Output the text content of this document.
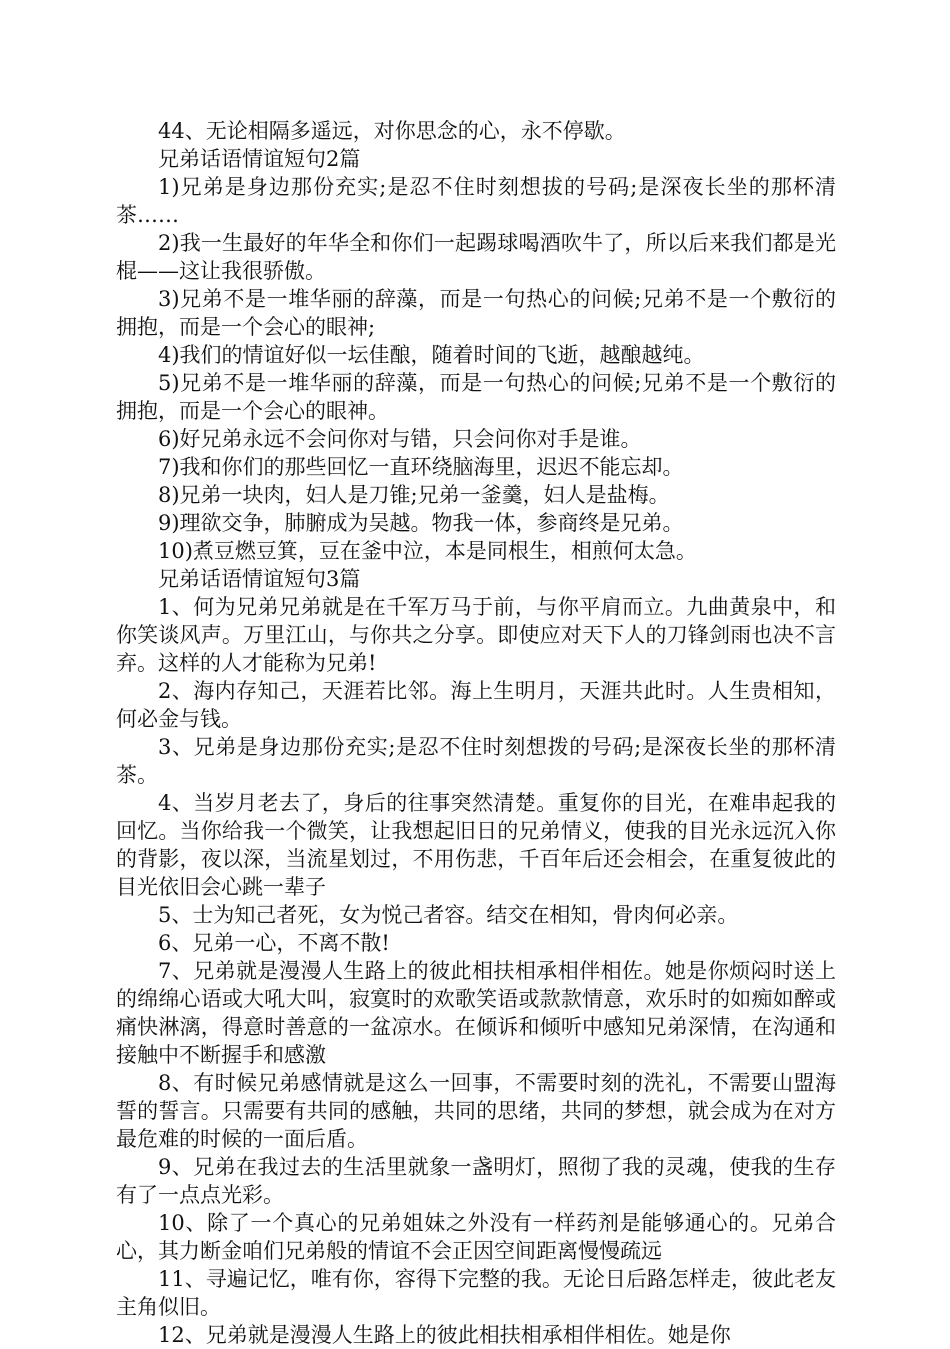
44、无论相隔多遥远，对你思念的心，永不停歇。

兄弟话语情谊短句2篇

1)兄弟是身边那份充实;是忍不住时刻想拔的号码;是深夜长坐的那杯清茶……

2)我一生最好的年华全和你们一起踢球喝酒吹牛了，所以后来我们都是光棍——这让我很骄傲。

3)兄弟不是一堆华丽的辞藻，而是一句热心的问候;兄弟不是一个敷衍的拥抱，而是一个会心的眼神;

4)我们的情谊好似一坛佳酿，随着时间的飞逝，越酿越纯。

5)兄弟不是一堆华丽的辞藻，而是一句热心的问候;兄弟不是一个敷衍的拥抱，而是一个会心的眼神。

6)好兄弟永远不会问你对与错，只会问你对手是谁。

7)我和你们的那些回忆一直环绕脑海里，迟迟不能忘却。

8)兄弟一块肉，妇人是刀锥;兄弟一釜羹，妇人是盐梅。

9)理欲交争，肺腑成为吴越。物我一体，参商终是兄弟。

10)煮豆燃豆箕，豆在釜中泣，本是同根生，相煎何太急。

兄弟话语情谊短句3篇

1、何为兄弟兄弟就是在千军万马于前，与你平肩而立。九曲黄泉中，和你笑谈风声。万里江山，与你共之分享。即使应对天下人的刀锋剑雨也决不言弃。这样的人才能称为兄弟!

2、海内存知己，天涯若比邻。海上生明月，天涯共此时。人生贵相知，何必金与钱。

3、兄弟是身边那份充实;是忍不住时刻想拨的号码;是深夜长坐的那杯清茶。

4、当岁月老去了，身后的往事突然清楚。重复你的目光，在难串起我的回忆。当你给我一个微笑，让我想起旧日的兄弟情义，使我的目光永远沉入你的背影，夜以深，当流星划过，不用伤悲，千百年后还会相会，在重复彼此的目光依旧会心跳一辈子

5、士为知己者死，女为悦己者容。结交在相知，骨肉何必亲。

6、兄弟一心，不离不散!

7、兄弟就是漫漫人生路上的彼此相扶相承相伴相佐。她是你烦闷时送上的绵绵心语或大吼大叫，寂寞时的欢歌笑语或款款情意，欢乐时的如痴如醉或痛快淋漓，得意时善意的一盆凉水。在倾诉和倾听中感知兄弟深情，在沟通和接触中不断握手和感激

8、有时候兄弟感情就是这么一回事，不需要时刻的洗礼，不需要山盟海誓的誓言。只需要有共同的感触，共同的思绪，共同的梦想，就会成为在对方最危难的时候的一面后盾。

9、兄弟在我过去的生活里就象一盏明灯，照彻了我的灵魂，使我的生存有了一点点光彩。

10、除了一个真心的兄弟姐妹之外没有一样药剂是能够通心的。兄弟合心，其力断金咱们兄弟般的情谊不会正因空间距离慢慢疏远

11、寻遍记忆，唯有你，容得下完整的我。无论日后路怎样走，彼此老友主角似旧。

12、兄弟就是漫漫人生路上的彼此相扶相承相伴相佐。她是你
